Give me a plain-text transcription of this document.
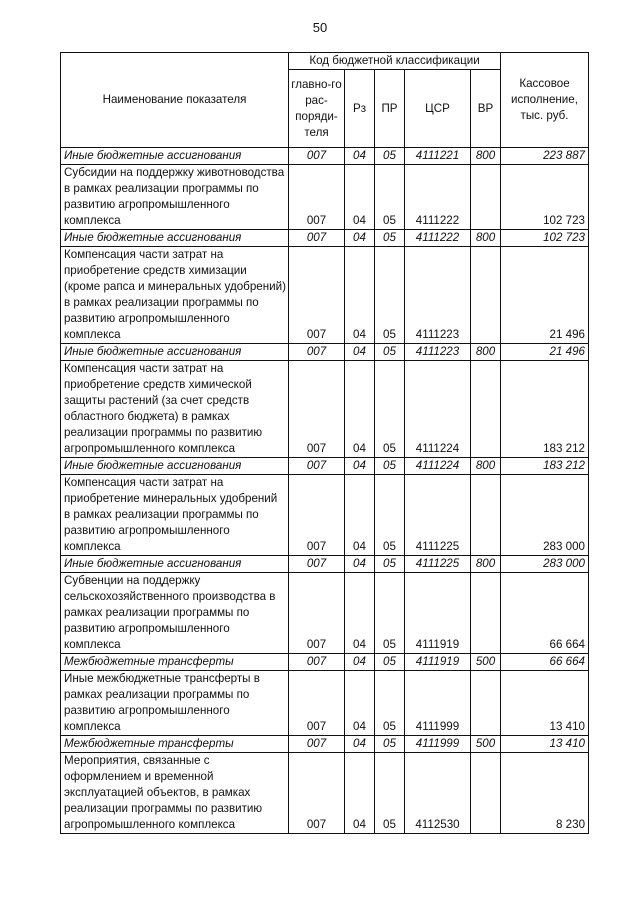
50
Наименование показателя	Код бюджетной классификации					Кассовое исполнение, тыс. руб.
	главно-го рас-поряди-теля	Рз	ПР	ЦСР	ВР	
Иные бюджетные ассигнования	007	04	05	4111221	800	223 887
Субсидии на поддержку животноводства в рамках реализации программы по развитию агропромышленного комплекса	007	04	05	4111222		102 723
Иные бюджетные ассигнования	007	04	05	4111222	800	102 723
Компенсация части затрат на приобретение средств химизации (кроме рапса и минеральных удобрений) в рамках реализации программы по развитию агропромышленного комплекса	007	04	05	4111223		21 496
Иные бюджетные ассигнования	007	04	05	4111223	800	21 496
Компенсация части затрат на приобретение средств химической защиты растений (за счет средств областного бюджета) в рамках реализации программы по развитию агропромышленного комплекса	007	04	05	4111224		183 212
Иные бюджетные ассигнования	007	04	05	4111224	800	183 212
Компенсация части затрат на приобретение минеральных удобрений в рамках реализации программы по развитию агропромышленного комплекса	007	04	05	4111225		283 000
Иные бюджетные ассигнования	007	04	05	4111225	800	283 000
Субвенции на поддержку сельскохозяйственного производства в рамках реализации программы по развитию агропромышленного комплекса	007	04	05	4111919		66 664
Межбюджетные трансферты	007	04	05	4111919	500	66 664
Иные межбюджетные трансферты в рамках реализации программы по развитию агропромышленного комплекса	007	04	05	4111999		13 410
Межбюджетные трансферты	007	04	05	4111999	500	13 410
Мероприятия, связанные с оформлением и временной эксплуатацией объектов, в рамках реализации программы по развитию агропромышленного комплекса	007	04	05	4112530		8 230
